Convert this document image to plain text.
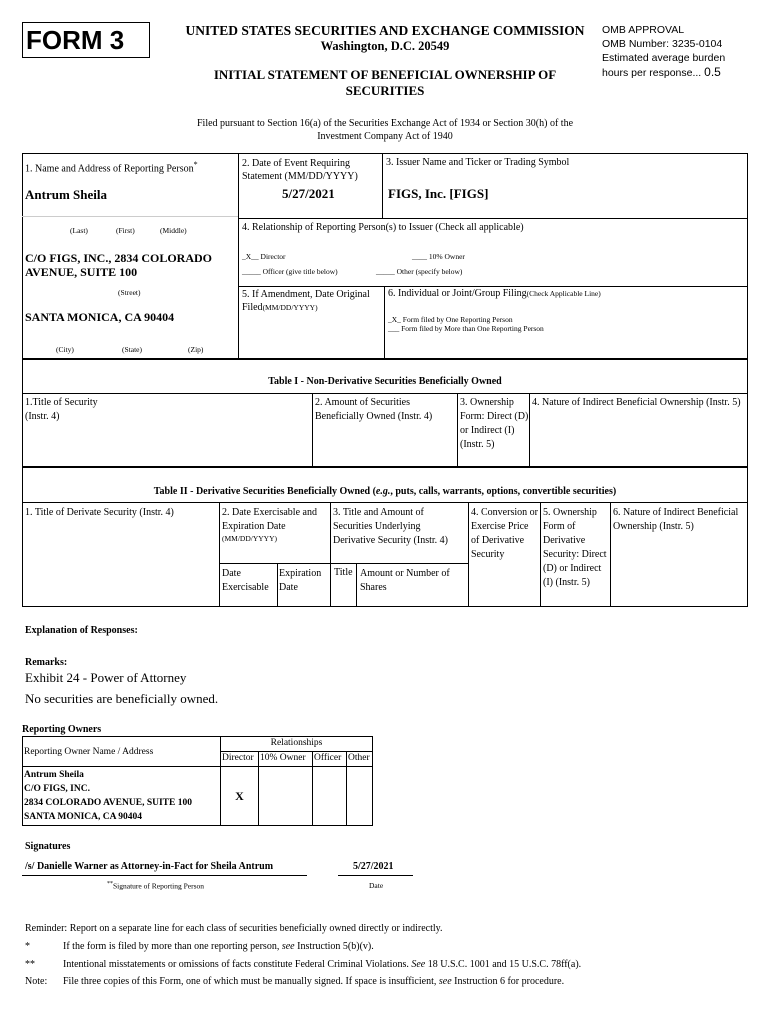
FORM 3	UNITED STATES SECURITIES AND EXCHANGE COMMISSION
Washington, D.C. 20549
OMB APPROVAL
OMB Number: 3235-0104
Estimated average burden
hours per response... 0.5
INITIAL STATEMENT OF BENEFICIAL OWNERSHIP OF
SECURITIES
Filed pursuant to Section 16(a) of the Securities Exchange Act of 1934 or Section 30(h) of the
Investment Company Act of 1940
1. Name and Address of Reporting Person*
Antrum Sheila
(Last)	(First)	(Middle)
C/O FIGS, INC., 2834 COLORADO AVENUE, SUITE 100
(Street)
SANTA MONICA, CA 90404
(City)	(State)	(Zip)
2. Date of Event Requiring Statement (MM/DD/YYYY)
5/27/2021
3. Issuer Name and Ticker or Trading Symbol
FIGS, Inc. [FIGS]
4. Relationship of Reporting Person(s) to Issuer (Check all applicable)
_X__ Director	____ 10% Owner
_____ Officer (give title below)	_____ Other (specify below)
5. If Amendment, Date Original Filed(MM/DD/YYYY)
6. Individual or Joint/Group Filing(Check Applicable Line)
_X_ Form filed by One Reporting Person
___ Form filed by More than One Reporting Person
Table I - Non-Derivative Securities Beneficially Owned
1.Title of Security (Instr. 4)
2. Amount of Securities Beneficially Owned (Instr. 4)
3. Ownership Form: Direct (D) or Indirect (I) (Instr. 5)
4. Nature of Indirect Beneficial Ownership (Instr. 5)
Table II - Derivative Securities Beneficially Owned (e.g., puts, calls, warrants, options, convertible securities)
1. Title of Derivate Security (Instr. 4)	2. Date Exercisable and Expiration Date
(MM/DD/YYYY)
3. Title and Amount of Securities Underlying Derivative Security (Instr. 4)
4. Conversion or Exercise Price of Derivative Security
5. Ownership Form of Derivative Security: Direct (D) or Indirect (I) (Instr. 5)
6. Nature of Indirect Beneficial Ownership (Instr. 5)
Date Exercisable
Expiration Date
Title Amount or Number of Shares
Explanation of Responses:
Remarks:
Exhibit 24 - Power of Attorney
No securities are beneficially owned.
Reporting Owners
Reporting Owner Name / Address	Relationships			
	Director	10% Owner	Officer	Other

Antrum Sheila
C/O FIGS, INC.
2834 COLORADO AVENUE, SUITE 100
SANTA MONICA, CA 90404	X			
Signatures
/s/ Danielle Warner as Attorney-in-Fact for Sheila Antrum	5/27/2021
**Signature of Reporting Person	Date
Reminder: Report on a separate line for each class of securities beneficially owned directly or indirectly.
*	If the form is filed by more than one reporting person, see Instruction 5(b)(v).
**	Intentional misstatements or omissions of facts constitute Federal Criminal Violations. See 18 U.S.C. 1001 and 15 U.S.C. 78ff(a).
Note: File three copies of this Form, one of which must be manually signed. If space is insufficient, see Instruction 6 for procedure.
